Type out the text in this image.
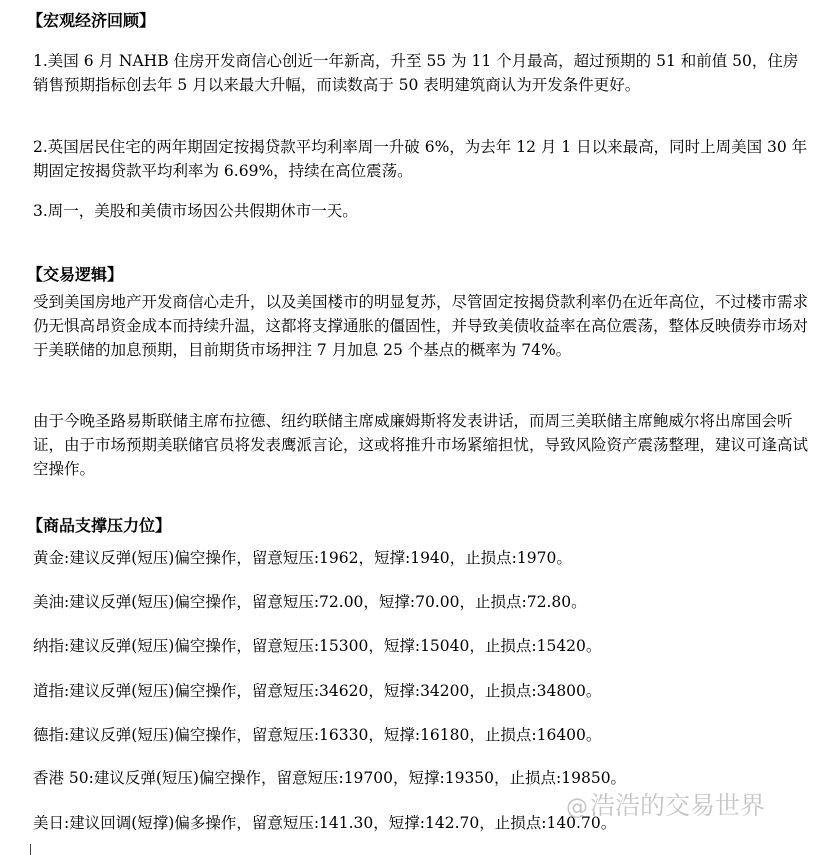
【宏观经济回顾】
1.美国 6 月 NAHB 住房开发商信心创近一年新高，升至 55 为 11 个月最高，超过预期的 51 和前值 50，住房销售预期指标创去年 5 月以来最大升幅，而读数高于 50 表明建筑商认为开发条件更好。
2.英国居民住宅的两年期固定按揭贷款平均利率周一升破 6%，为去年 12 月 1 日以来最高，同时上周美国 30 年期固定按揭贷款平均利率为 6.69%，持续在高位震荡。
3.周一，美股和美债市场因公共假期休市一天。
【交易逻辑】
受到美国房地产开发商信心走升，以及美国楼市的明显复苏，尽管固定按揭贷款利率仍在近年高位，不过楼市需求仍无惧高昂资金成本而持续升温，这都将支撑通胀的僵固性，并导致美债收益率在高位震荡，整体反映债券市场对于美联储的加息预期，目前期货市场押注 7 月加息 25 个基点的概率为 74%。
由于今晚圣路易斯联储主席布拉德、纽约联储主席威廉姆斯将发表讲话，而周三美联储主席鲍威尔将出席国会听证，由于市场预期美联储官员将发表鹰派言论，这或将推升市场紧缩担忧，导致风险资产震荡整理，建议可逢高试空操作。
【商品支撑压力位】
黄金:建议反弹(短压)偏空操作，留意短压:1962，短撑:1940，止损点:1970。
美油:建议反弹(短压)偏空操作，留意短压:72.00，短撑:70.00，止损点:72.80。
纳指:建议反弹(短压)偏空操作，留意短压:15300，短撑:15040，止损点:15420。
道指:建议反弹(短压)偏空操作，留意短压:34620，短撑:34200，止损点:34800。
德指:建议反弹(短压)偏空操作，留意短压:16330，短撑:16180，止损点:16400。
香港 50:建议反弹(短压)偏空操作，留意短压:19700，短撑:19350，止损点:19850。
美日:建议回调(短撑)偏多操作，留意短压:141.30，短撑:142.70，止损点:140.70。
@浩浩的交易世界
